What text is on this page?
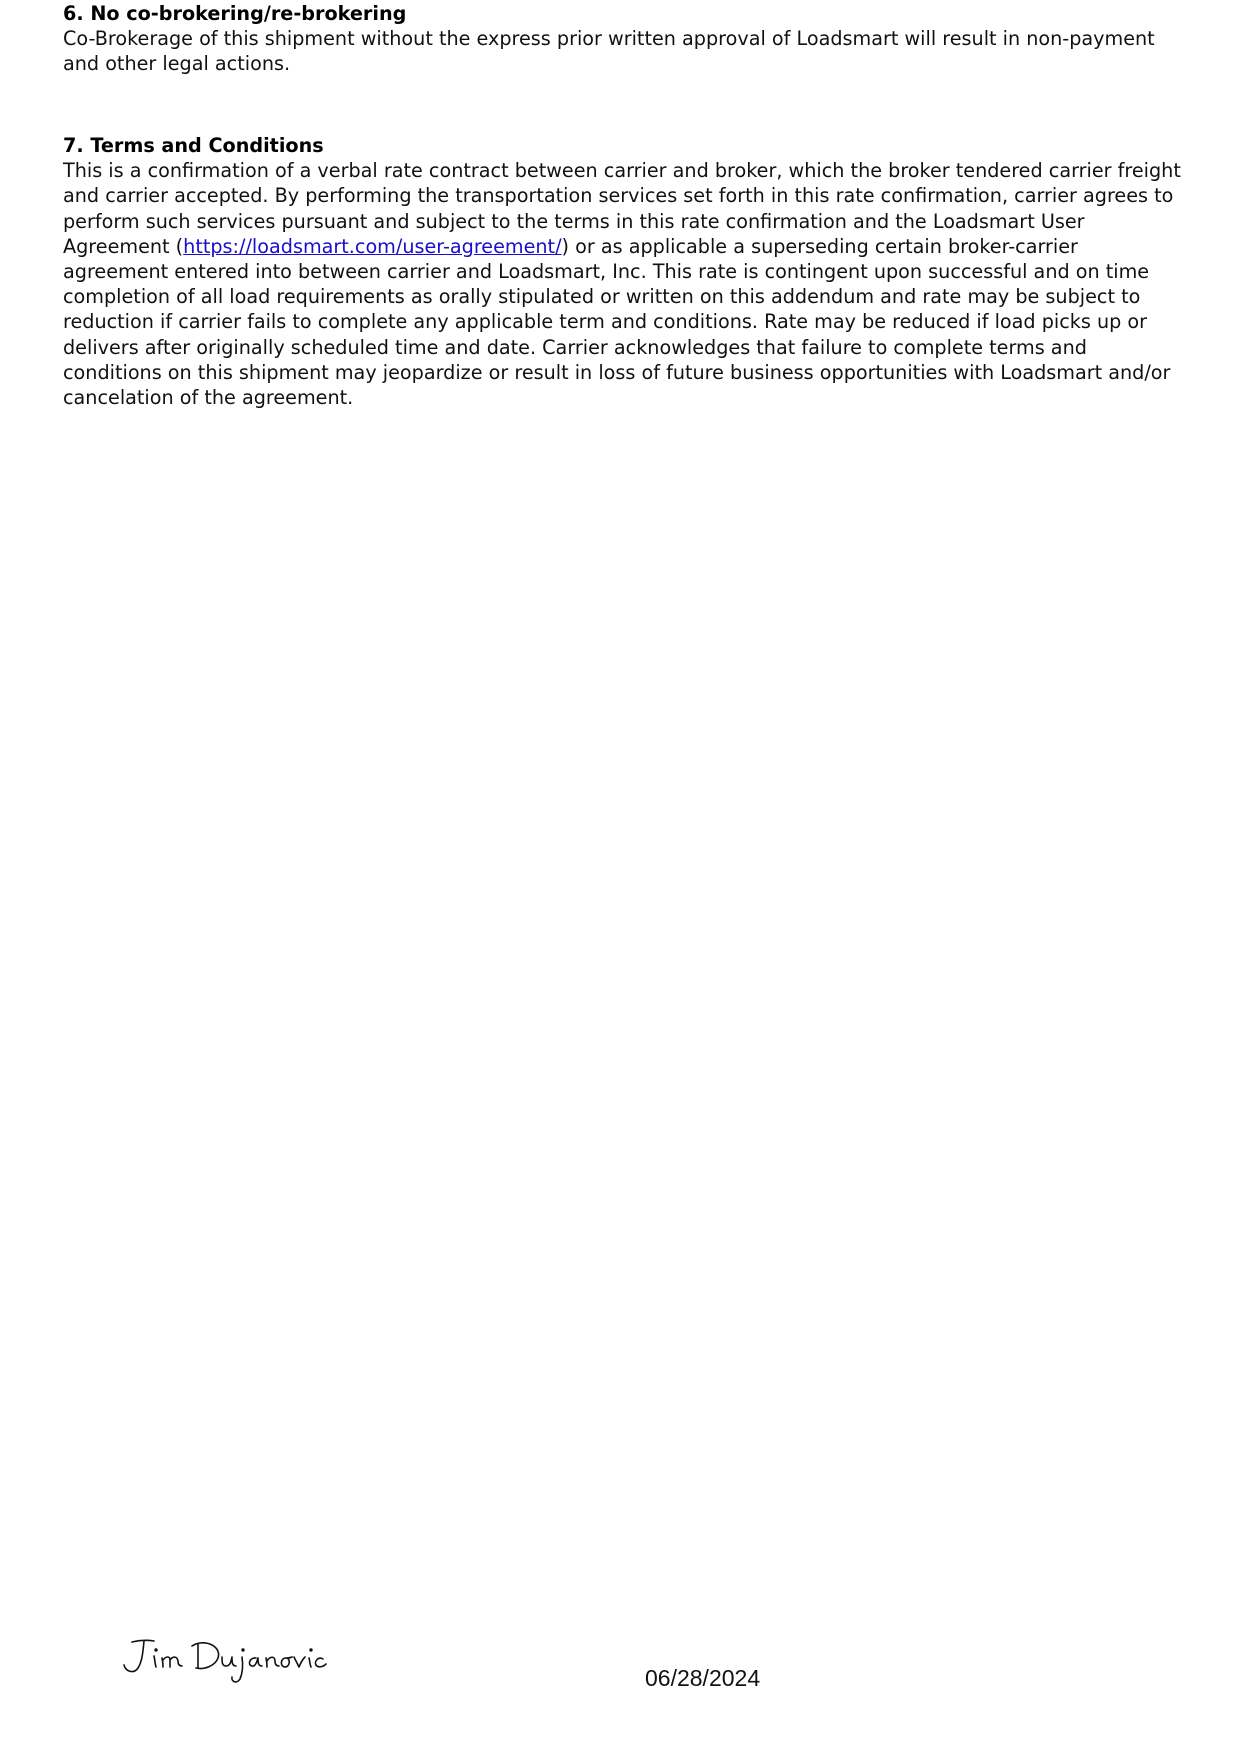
6. No co-brokering/re-brokering

Co-Brokerage of this shipment without the express prior written approval of Loadsmart will result in non-payment and other legal actions.

7. Terms and Conditions

This is a confirmation of a verbal rate contract between carrier and broker, which the broker tendered carrier freight and carrier accepted. By performing the transportation services set forth in this rate confirmation, carrier agrees to perform such services pursuant and subject to the terms in this rate confirmation and the Loadsmart User Agreement (https://loadsmart.com/user-agreement/) or as applicable a superseding certain broker-carrier agreement entered into between carrier and Loadsmart, Inc. This rate is contingent upon successful and on time completion of all load requirements as orally stipulated or written on this addendum and rate may be subject to reduction if carrier fails to complete any applicable term and conditions. Rate may be reduced if load picks up or delivers after originally scheduled time and date. Carrier acknowledges that failure to complete terms and conditions on this shipment may jeopardize or result in loss of future business opportunities with Loadsmart and/or cancelation of the agreement.

06/28/2024
